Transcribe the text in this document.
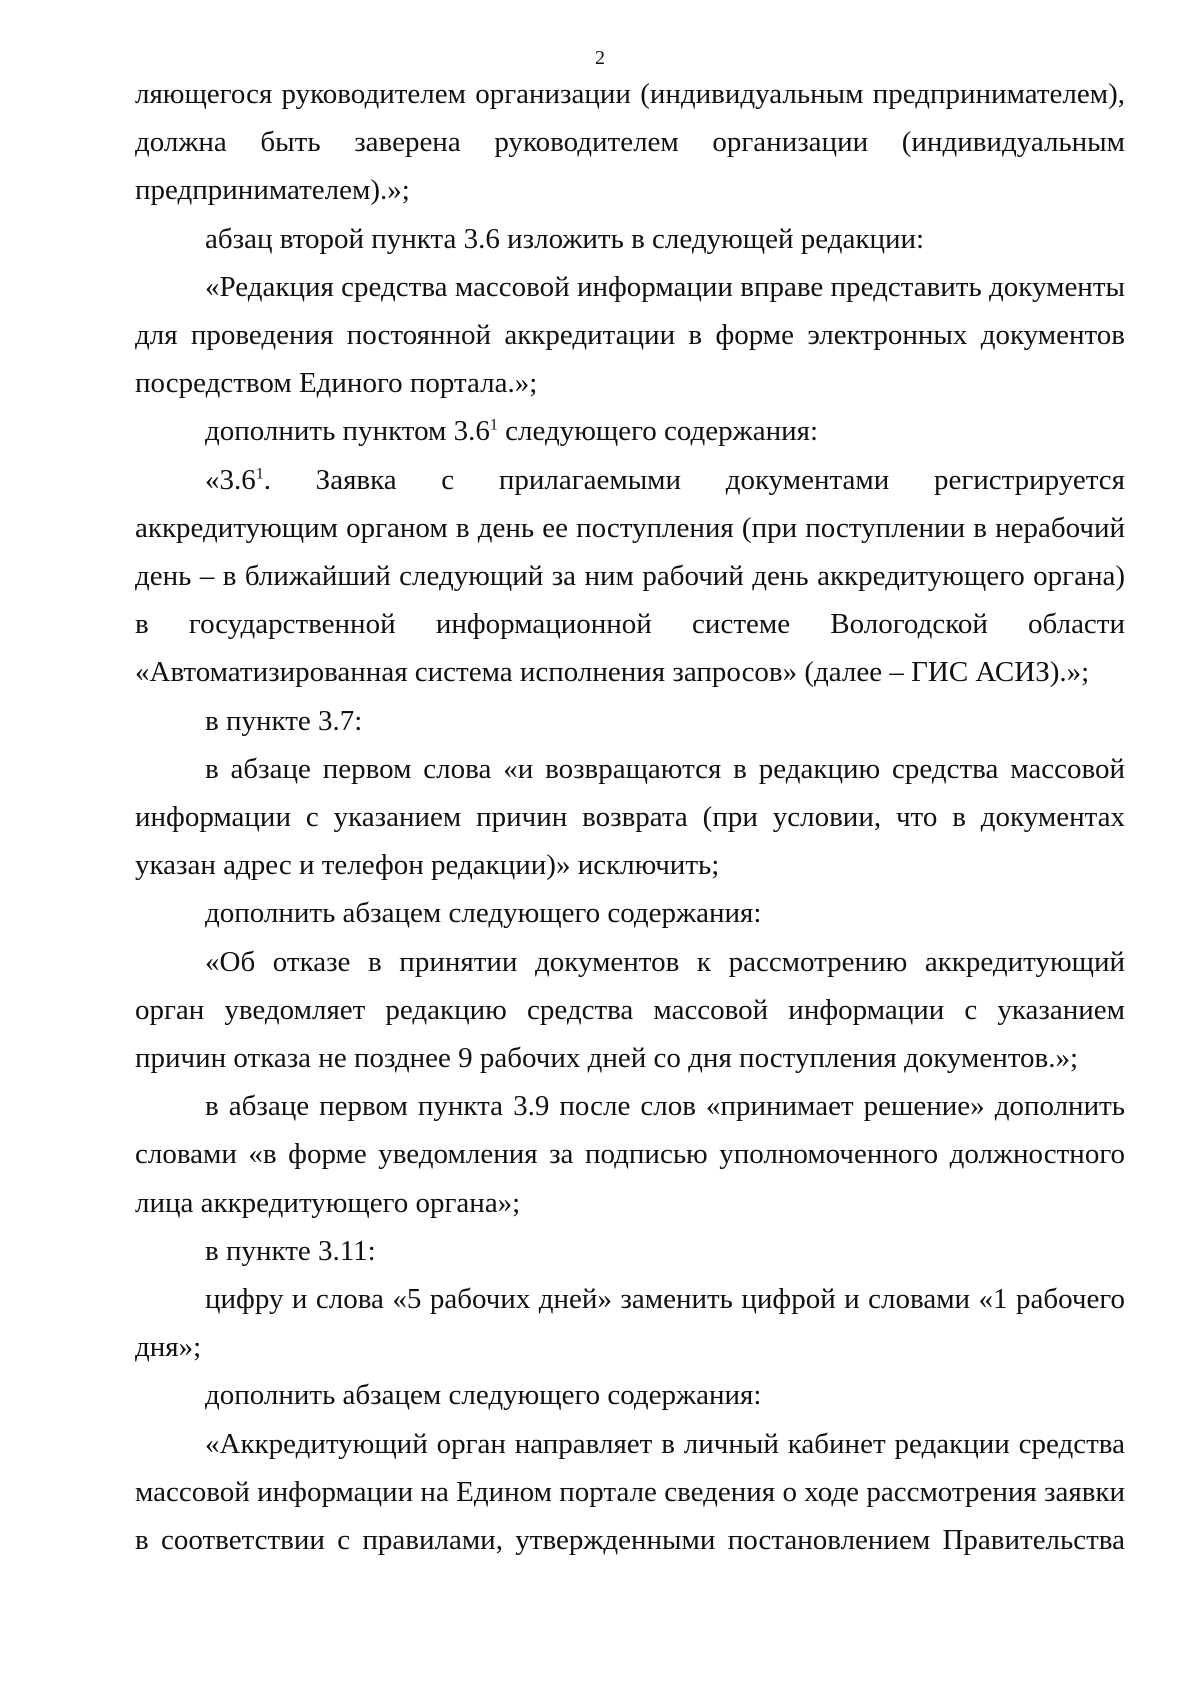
2

ляющегося руководителем организации (индивидуальным предпринимателем), должна быть заверена руководителем организации (индивидуальным предпринимателем).»;

абзац второй пункта 3.6 изложить в следующей редакции:

«Редакция средства массовой информации вправе представить документы для проведения постоянной аккредитации в форме электронных документов посредством Единого портала.»;

дополнить пунктом $3.6^1$ следующего содержания:

«$3.6^1$. Заявка с прилагаемыми документами регистрируется аккредитующим органом в день ее поступления (при поступлении в нерабочий день – в ближайший следующий за ним рабочий день аккредитующего органа) в государственной информационной системе Вологодской области «Автоматизированная система исполнения запросов» (далее – ГИС АСИЗ).»;

в пункте 3.7:

в абзаце первом слова «и возвращаются в редакцию средства массовой информации с указанием причин возврата (при условии, что в документах указан адрес и телефон редакции)» исключить;

дополнить абзацем следующего содержания:

«Об отказе в принятии документов к рассмотрению аккредитующий орган уведомляет редакцию средства массовой информации с указанием причин отказа не позднее 9 рабочих дней со дня поступления документов.»;

в абзаце первом пункта 3.9 после слов «принимает решение» дополнить словами «в форме уведомления за подписью уполномоченного должностного лица аккредитующего органа»;

в пункте 3.11:

цифру и слова «5 рабочих дней» заменить цифрой и словами «1 рабочего дня»;

дополнить абзацем следующего содержания:

«Аккредитующий орган направляет в личный кабинет редакции средства массовой информации на Едином портале сведения о ходе рассмотрения заявки в соответствии с правилами, утвержденными постановлением Правительства
